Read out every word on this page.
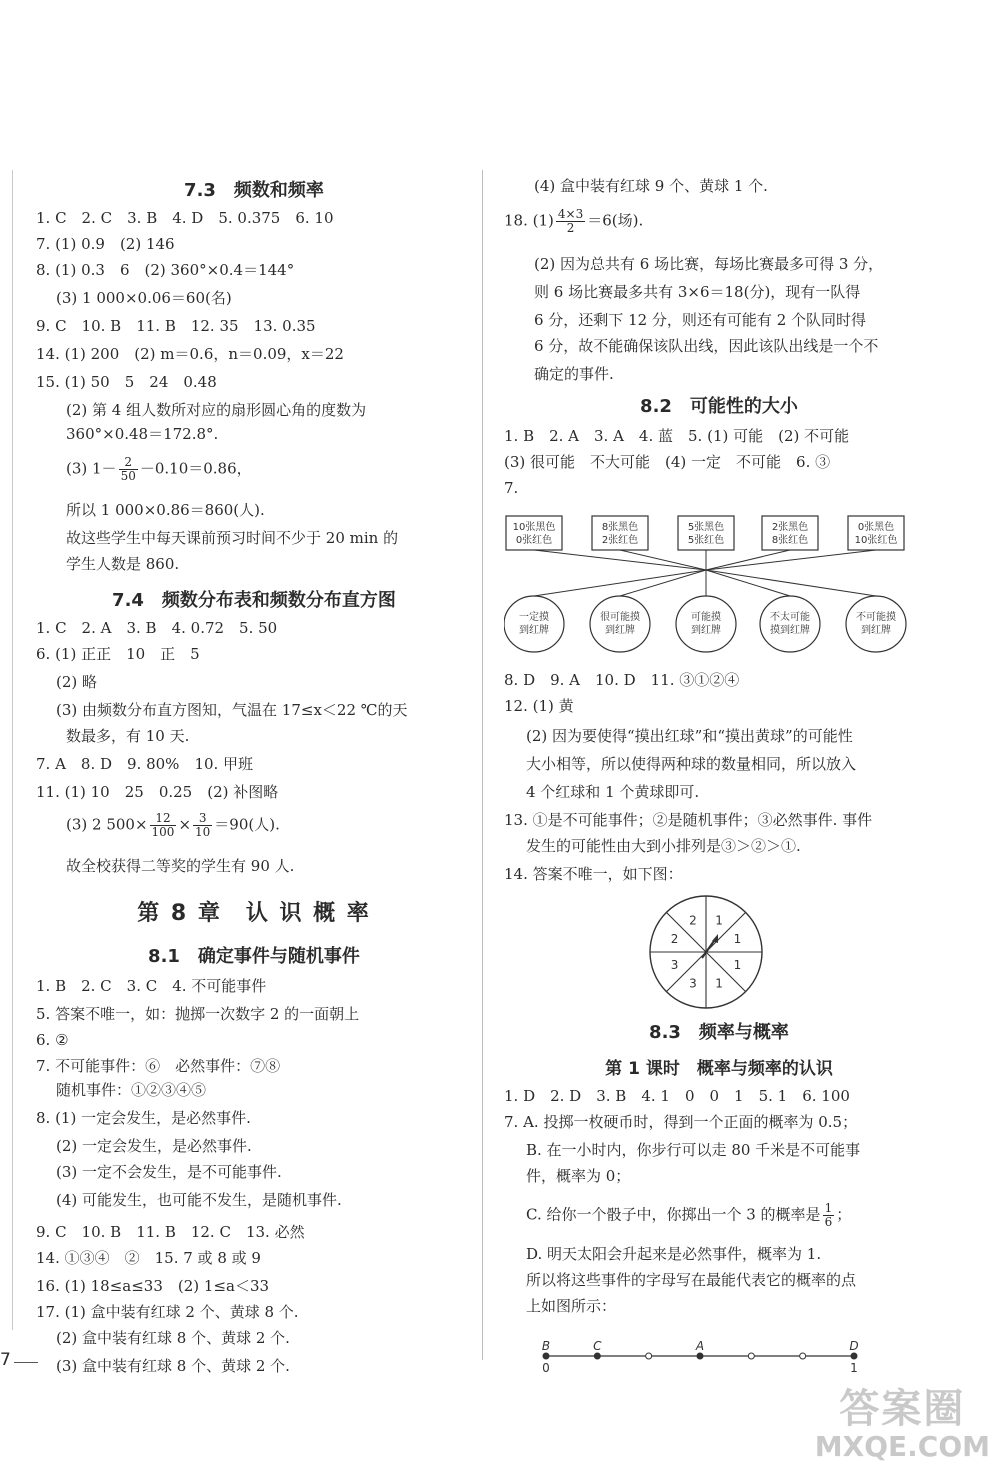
7.3　频数和频率
1. C　2. C　3. B　4. D　5. 0.375　6. 10
7. (1) 0.9　(2) 146
8. (1) 0.3　6　(2) 360°×0.4＝144°
(3) 1 000×0.06＝60(名)
9. C　10. B　11. B　12. 35　13. 0.35
14. (1) 200　(2) m＝0.6，n＝0.09，x＝22
15. (1) 50　5　24　0.48
(2) 第 4 组人数所对应的扇形圆心角的度数为
360°×0.48＝172.8°.
(3) $1- \frac{2}{50} -0.10=0.86$，
所以 1 000×0.86＝860(人).
故这些学生中每天课前预习时间不少于 20 min 的
学生人数是 860.
7.4　频数分布表和频数分布直方图
1. C　2. A　3. B　4. 0.72　5. 50
6. (1) 正正　10　正　5
(2) 略
(3) 由频数分布直方图知，气温在 17≤x＜22 ℃的天
数最多，有 10 天.
7. A　8. D　9. 80%　10. 甲班
11. (1) 10　25　0.25　(2) 补图略
(3) 2 $500\times \frac{12}{100} \times \frac{3}{10} =90$(人).
故全校获得二等奖的学生有 90 人.
第 8 章　认 识 概 率
8.1　确定事件与随机事件
1. B　2. C　3. C　4. 不可能事件
5. 答案不唯一，如：抛掷一次数字 2 的一面朝上
6. ②
7. 不可能事件：⑥　必然事件：⑦⑧
随机事件：①②③④⑤
8. (1) 一定会发生，是必然事件.
(2) 一定会发生，是必然事件.
(3) 一定不会发生，是不可能事件.
(4) 可能发生，也可能不发生，是随机事件.
9. C　10. B　11. B　12. C　13. 必然
14. ①③④　②　15. 7 或 8 或 9
16. (1) 18≤a≤33　(2) 1≤a＜33
17. (1) 盒中装有红球 2 个、黄球 8 个.
(2) 盒中装有红球 8 个、黄球 2 个.
(3) 盒中装有红球 8 个、黄球 2 个.
(4) 盒中装有红球 9 个、黄球 1 个.
18. $(1) \frac{4\times 3}{2} =6$(场).
(2) 因为总共有 6 场比赛，每场比赛最多可得 3 分，
则 6 场比赛最多共有 3×6＝18(分)，现有一队得
6 分，还剩下 12 分，则还有可能有 2 个队同时得
6 分，故不能确保该队出线，因此该队出线是一个不
确定的事件.
8.2　可能性的大小
1. B　2. A　3. A　4. 蓝　5. (1) 可能　(2) 不可能
(3) 很可能　不大可能　(4) 一定　不可能　6. ③
7.
10张黑色
0张红色
8张黑色
2张红色
5张黑色
5张红色
2张黑色
8张红色
0张黑色
10张红色
一定摸
到红牌
很可能摸
到红牌
可能摸
到红牌
不太可能
摸到红牌
不可能摸
到红牌
8. D　9. A　10. D　11. ③①②④
12. (1) 黄
(2) 因为要使得“摸出红球”和“摸出黄球”的可能性
大小相等，所以使得两种球的数量相同，所以放入
4 个红球和 1 个黄球即可.
13. ①是不可能事件；②是随机事件；③必然事件. 事件
发生的可能性由大到小排列是③＞②＞①.
14. 答案不唯一，如下图：
1
1
1
1
3
3
2
2
8.3　频率与概率
第 1 课时　概率与频率的认识
1. D　2. D　3. B　4. 1　0　0　1　5. 1　6. 100
7. A. 投掷一枚硬币时，得到一个正面的概率为 0.5；
B. 在一小时内，你步行可以走 80 千米是不可能事
件，概率为 0；
C. 给你一个骰子中，你掷出一个 3 的概率是 $\frac{1}{6}$ ；
D. 明天太阳会升起来是必然事件，概率为 1.
所以将这些事件的字母写在最能代表它的概率的点
上如图所示：
B	C	A	D
0	1
7
答案圈
MXQE.COM
